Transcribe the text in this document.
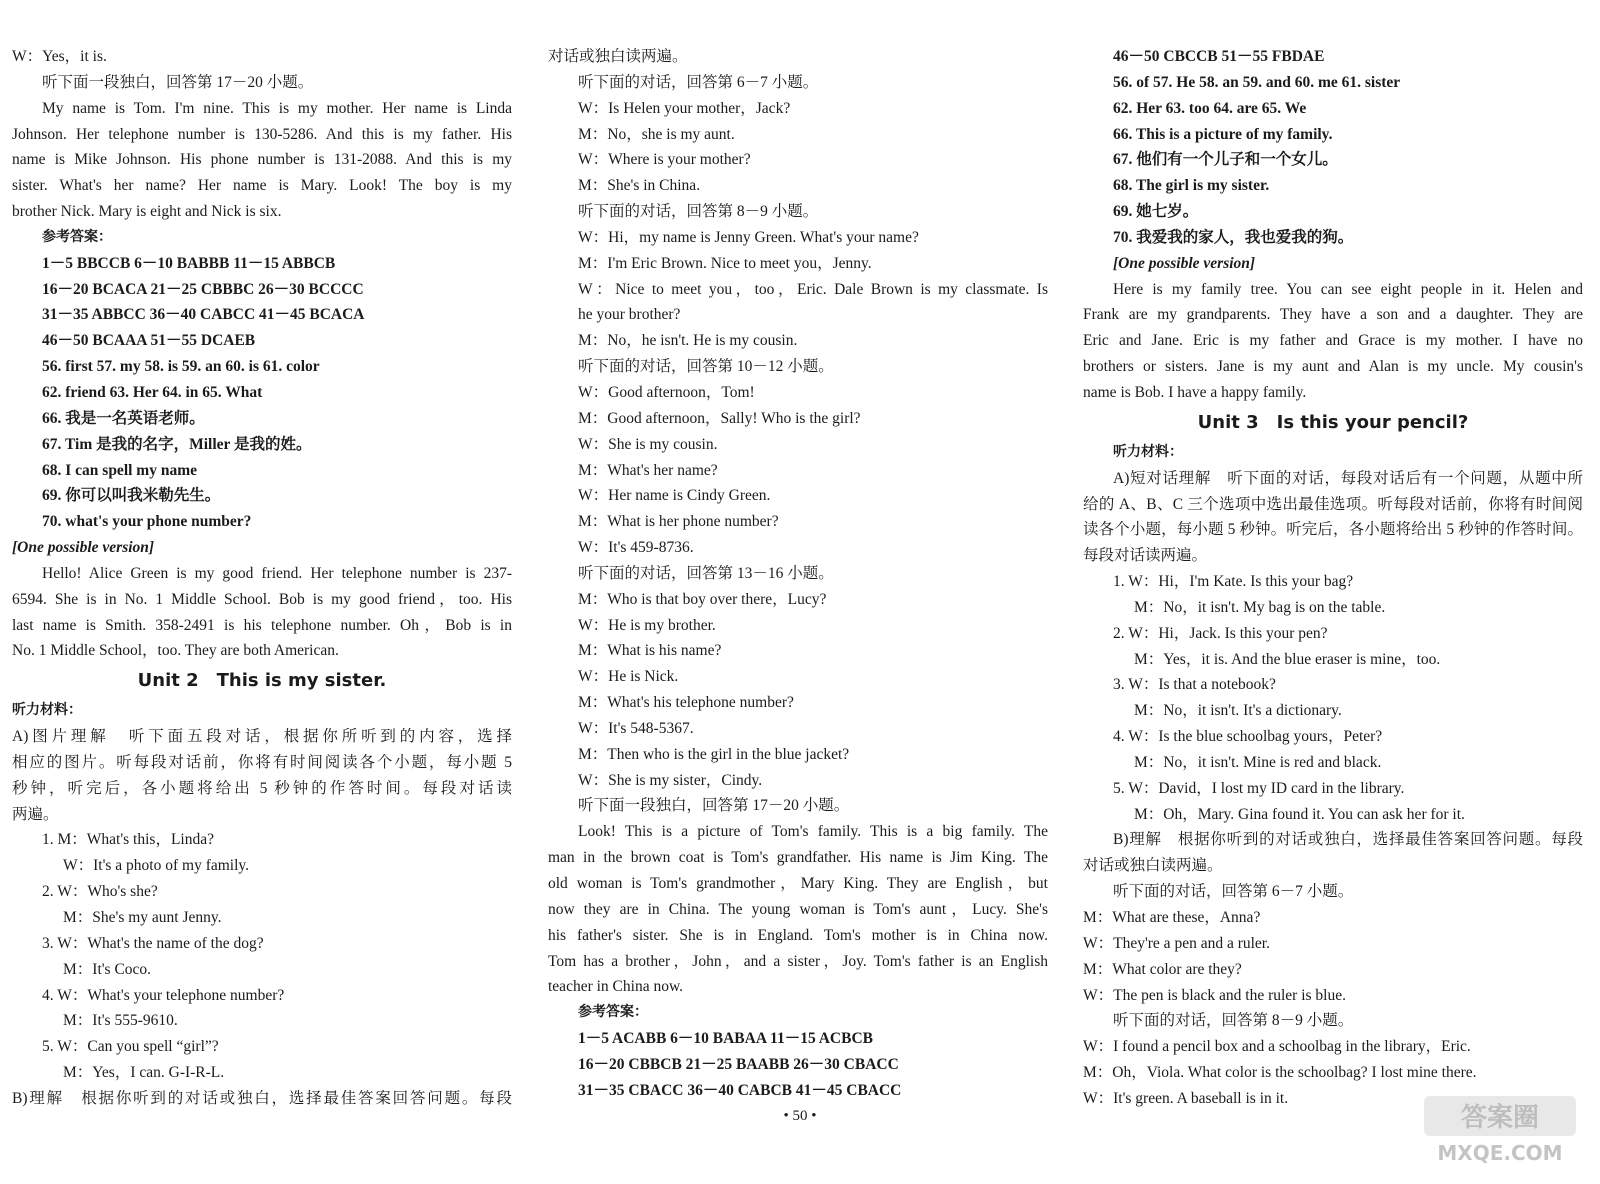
W：Yes，it is.
听下面一段独白，回答第 17－20 小题。
My name is Tom. I'm nine. This is my mother. Her name is Linda
Johnson. Her telephone number is 130-5286. And this is my father. His
name is Mike Johnson. His phone number is 131-2088. And this is my
sister. What's her name? Her name is Mary. Look! The boy is my
brother Nick. Mary is eight and Nick is six.
参考答案：
1－5 BBCCB 6－10 BABBB 11－15 ABBCB
16－20 BCACA 21－25 CBBBC 26－30 BCCCC
31－35 ABBCC 36－40 CABCC 41－45 BCACA
46－50 BCAAA 51－55 DCAEB
56. first 57. my 58. is 59. an 60. is 61. color
62. friend 63. Her 64. in 65. What
66. 我是一名英语老师。
67. Tim 是我的名字，Miller 是我的姓。
68. I can spell my name
69. 你可以叫我米勒先生。
70. what's your phone number?
[One possible version]
Hello! Alice Green is my good friend. Her telephone number is 237-
6594. She is in No. 1 Middle School. Bob is my good friend，too. His
last name is Smith. 358-2491 is his telephone number. Oh，Bob is in
No. 1 Middle School，too. They are both American.
Unit 2　This is my sister.
听力材料：
A)图片理解　听下面五段对话，根据你所听到的内容，选择
相应的图片。听每段对话前，你将有时间阅读各个小题，每小题 5
秒钟，听完后，各小题将给出 5 秒钟的作答时间。每段对话读
两遍。
1. M：What's this，Linda?
W：It's a photo of my family.
2. W：Who's she?
M：She's my aunt Jenny.
3. W：What's the name of the dog?
M：It's Coco.
4. W：What's your telephone number?
M：It's 555-9610.
5. W：Can you spell “girl”?
M：Yes，I can. G-I-R-L.
B)理解　根据你听到的对话或独白，选择最佳答案回答问题。每段
对话或独白读两遍。
听下面的对话，回答第 6－7 小题。
W：Is Helen your mother，Jack?
M：No，she is my aunt.
W：Where is your mother?
M：She's in China.
听下面的对话，回答第 8－9 小题。
W：Hi，my name is Jenny Green. What's your name?
M：I'm Eric Brown. Nice to meet you，Jenny.
W：Nice to meet you，too，Eric. Dale Brown is my classmate. Is
he your brother?
M：No，he isn't. He is my cousin.
听下面的对话，回答第 10－12 小题。
W：Good afternoon，Tom!
M：Good afternoon，Sally! Who is the girl?
W：She is my cousin.
M：What's her name?
W：Her name is Cindy Green.
M：What is her phone number?
W：It's 459-8736.
听下面的对话，回答第 13－16 小题。
M：Who is that boy over there，Lucy?
W：He is my brother.
M：What is his name?
W：He is Nick.
M：What's his telephone number?
W：It's 548-5367.
M：Then who is the girl in the blue jacket?
W：She is my sister，Cindy.
听下面一段独白，回答第 17－20 小题。
Look! This is a picture of Tom's family. This is a big family. The
man in the brown coat is Tom's grandfather. His name is Jim King. The
old woman is Tom's grandmother，Mary King. They are English，but
now they are in China. The young woman is Tom's aunt，Lucy. She's
his father's sister. She is in England. Tom's mother is in China now.
Tom has a brother，John，and a sister，Joy. Tom's father is an English
teacher in China now.
参考答案：
1－5 ACABB 6－10 BABAA 11－15 ACBCB
16－20 CBBCB 21－25 BAABB 26－30 CBACC
31－35 CBACC 36－40 CABCB 41－45 CBACC
46－50 CBCCB 51－55 FBDAE
56. of 57. He 58. an 59. and 60. me 61. sister
62. Her 63. too 64. are 65. We
66. This is a picture of my family.
67. 他们有一个儿子和一个女儿。
68. The girl is my sister.
69. 她七岁。
70. 我爱我的家人，我也爱我的狗。
[One possible version]
Here is my family tree. You can see eight people in it. Helen and
Frank are my grandparents. They have a son and a daughter. They are
Eric and Jane. Eric is my father and Grace is my mother. I have no
brothers or sisters. Jane is my aunt and Alan is my uncle. My cousin's
name is Bob. I have a happy family.
Unit 3　Is this your pencil?
听力材料：
A)短对话理解　听下面的对话，每段对话后有一个问题，从题中所
给的 A、B、C 三个选项中选出最佳选项。听每段对话前，你将有时间阅
读各个小题，每小题 5 秒钟。听完后，各小题将给出 5 秒钟的作答时间。
每段对话读两遍。
1. W：Hi，I'm Kate. Is this your bag?
M：No，it isn't. My bag is on the table.
2. W：Hi，Jack. Is this your pen?
M：Yes，it is. And the blue eraser is mine，too.
3. W：Is that a notebook?
M：No，it isn't. It's a dictionary.
4. W：Is the blue schoolbag yours，Peter?
M：No，it isn't. Mine is red and black.
5. W：David，I lost my ID card in the library.
M：Oh，Mary. Gina found it. You can ask her for it.
B)理解　根据你听到的对话或独白，选择最佳答案回答问题。每段
对话或独白读两遍。
听下面的对话，回答第 6－7 小题。
M：What are these，Anna?
W：They're a pen and a ruler.
M：What color are they?
W：The pen is black and the ruler is blue.
听下面的对话，回答第 8－9 小题。
W：I found a pencil box and a schoolbag in the library，Eric.
M：Oh，Viola. What color is the schoolbag? I lost mine there.
W：It's green. A baseball is in it.
• 50 •	答案圈
MXQE.COM
